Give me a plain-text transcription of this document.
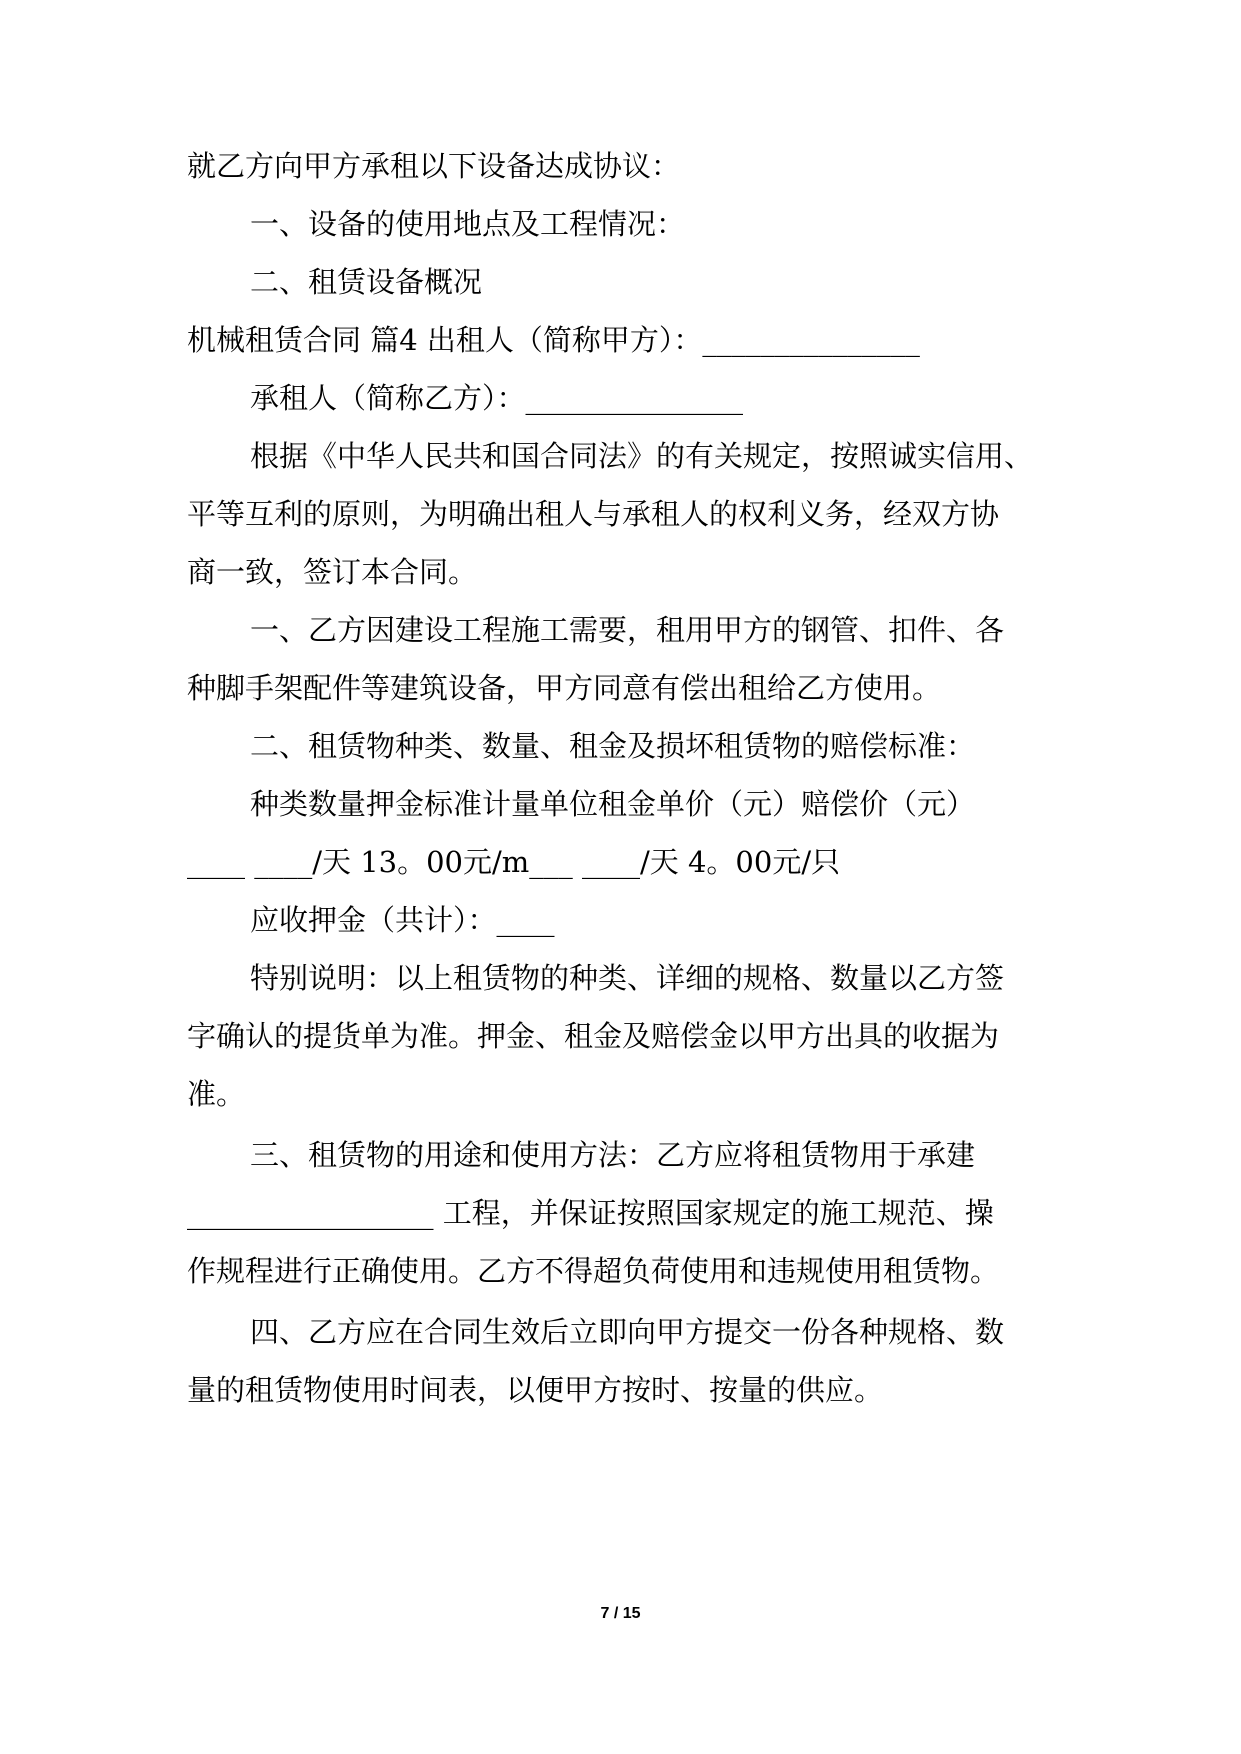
就乙方向甲方承租以下设备达成协议：
一、设备的使用地点及工程情况：
二、租赁设备概况
机械租赁合同 篇4 出租人（简称甲方）：_______________
承租人（简称乙方）：_______________
根据《中华人民共和国合同法》的有关规定，按照诚实信用、
平等互利的原则，为明确出租人与承租人的权利义务，经双方协
商一致，签订本合同。
一、乙方因建设工程施工需要，租用甲方的钢管、扣件、各
种脚手架配件等建筑设备，甲方同意有偿出租给乙方使用。
二、租赁物种类、数量、租金及损坏租赁物的赔偿标准：
种类数量押金标准计量单位租金单价（元）赔偿价（元）
____ ____/天 13。00元/m___ ____/天 4。00元/只
应收押金（共计）：____
特别说明：以上租赁物的种类、详细的规格、数量以乙方签
字确认的提货单为准。押金、租金及赔偿金以甲方出具的收据为
准。
三、租赁物的用途和使用方法：乙方应将租赁物用于承建
_________________ 工程，并保证按照国家规定的施工规范、操
作规程进行正确使用。乙方不得超负荷使用和违规使用租赁物。
四、乙方应在合同生效后立即向甲方提交一份各种规格、数
量的租赁物使用时间表，以便甲方按时、按量的供应。
7 / 15
